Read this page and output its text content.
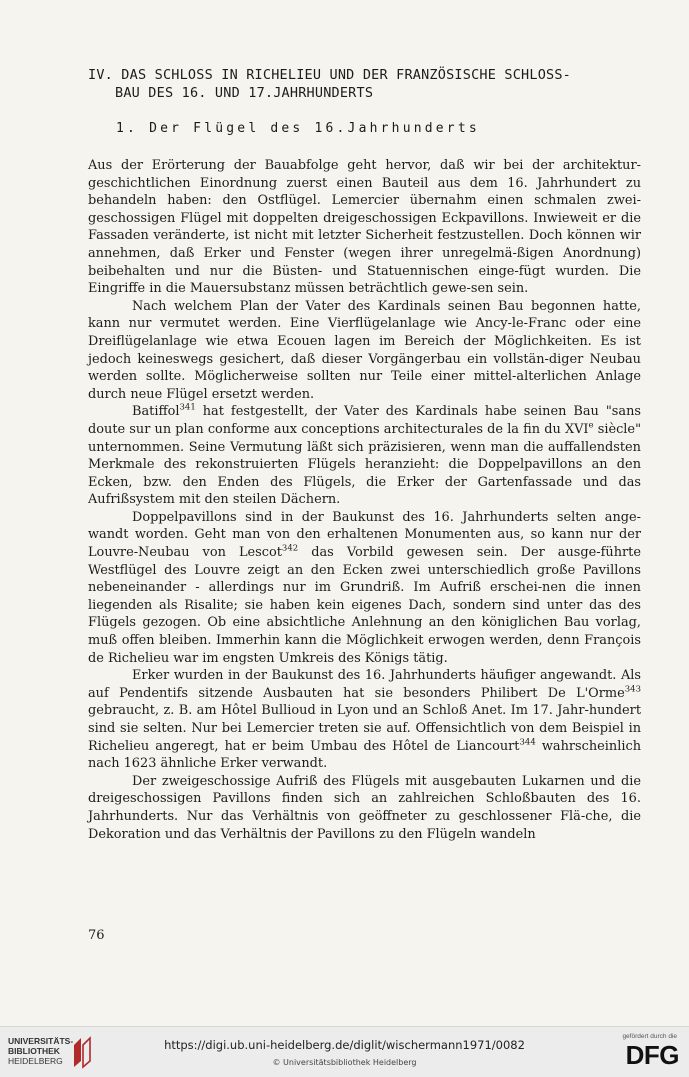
IV. DAS SCHLOSS IN RICHELIEU UND DER FRANZÖSISCHE SCHLOSS-
BAU DES 16. UND 17.JAHRHUNDERTS
1. Der Flügel des 16.Jahrhunderts

Aus der Erörterung der Bauabfolge geht hervor, daß wir bei der architektur-geschichtlichen Einordnung zuerst einen Bauteil aus dem 16. Jahrhundert zu behandeln haben: den Ostflügel. Lemercier übernahm einen schmalen zwei-geschossigen Flügel mit doppelten dreigeschossigen Eckpavillons. Inwieweit er die Fassaden veränderte, ist nicht mit letzter Sicherheit festzustellen. Doch können wir annehmen, daß Erker und Fenster (wegen ihrer unregelmä-ßigen Anordnung) beibehalten und nur die Büsten- und Statuennischen einge-fügt wurden. Die Eingriffe in die Mauersubstanz müssen beträchtlich gewe-sen sein.

Nach welchem Plan der Vater des Kardinals seinen Bau begonnen hatte, kann nur vermutet werden. Eine Vierflügelanlage wie Ancy-le-Franc oder eine Dreiflügelanlage wie etwa Ecouen lagen im Bereich der Möglichkeiten. Es ist jedoch keineswegs gesichert, daß dieser Vorgängerbau ein vollstän-diger Neubau werden sollte. Möglicherweise sollten nur Teile einer mittel-alterlichen Anlage durch neue Flügel ersetzt werden.

Batiffol$^{341}$ hat festgestellt, der Vater des Kardinals habe seinen Bau "sans doute sur un plan conforme aux conceptions architecturales de la fin du XVIe siècle" unternommen. Seine Vermutung läßt sich präzisieren, wenn man die auffallendsten Merkmale des rekonstruierten Flügels heranzieht: die Doppelpavillons an den Ecken, bzw. den Enden des Flügels, die Erker der Gartenfassade und das Aufrißsystem mit den steilen Dächern.

Doppelpavillons sind in der Baukunst des 16. Jahrhunderts selten ange-wandt worden. Geht man von den erhaltenen Monumenten aus, so kann nur der Louvre-Neubau von Lescot$^{342}$ das Vorbild gewesen sein. Der ausge-führte Westflügel des Louvre zeigt an den Ecken zwei unterschiedlich große Pavillons nebeneinander - allerdings nur im Grundriß. Im Aufriß erschei-nen die innen liegenden als Risalite; sie haben kein eigenes Dach, sondern sind unter das des Flügels gezogen. Ob eine absichtliche Anlehnung an den königlichen Bau vorlag, muß offen bleiben. Immerhin kann die Möglichkeit erwogen werden, denn François de Richelieu war im engsten Umkreis des Königs tätig.

Erker wurden in der Baukunst des 16. Jahrhunderts häufiger angewandt. Als auf Pendentifs sitzende Ausbauten hat sie besonders Philibert De L'Orme$^{343}$ gebraucht, z. B. am Hôtel Bullioud in Lyon und an Schloß Anet. Im 17. Jahr-hundert sind sie selten. Nur bei Lemercier treten sie auf. Offensichtlich von dem Beispiel in Richelieu angeregt, hat er beim Umbau des Hôtel de Liancourt$^{344}$ wahrscheinlich nach 1623 ähnliche Erker verwandt.

Der zweigeschossige Aufriß des Flügels mit ausgebauten Lukarnen und die dreigeschossigen Pavillons finden sich an zahlreichen Schloßbauten des 16. Jahrhunderts. Nur das Verhältnis von geöffneter zu geschlossener Flä-che, die Dekoration und das Verhältnis der Pavillons zu den Flügeln wandeln

76
UNIVERSITÄTS-
BIBLIOTHEK
HEIDELBERG
https://digi.ub.uni-heidelberg.de/diglit/wischermann1971/0082
© Universitätsbibliothek Heidelberg
gefördert durch die
DFG
